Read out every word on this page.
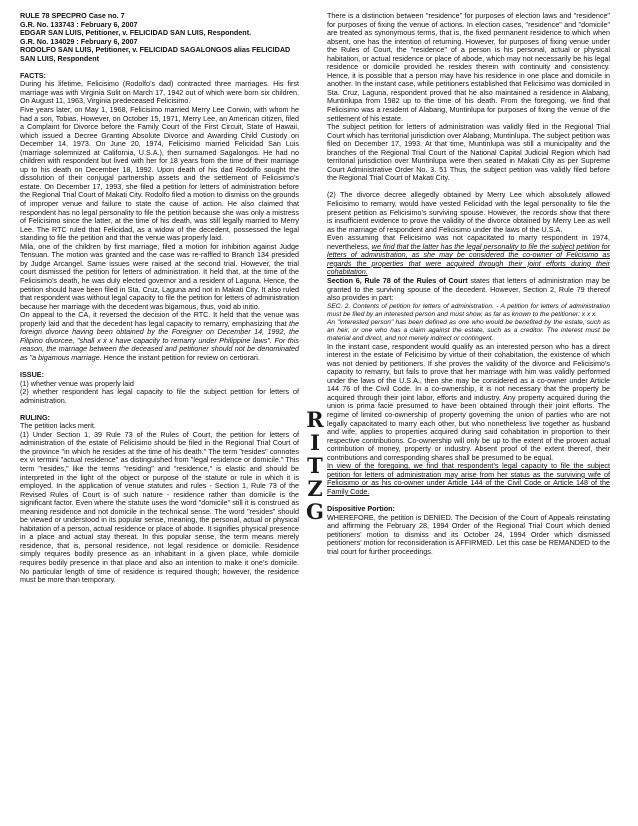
RULE 78 SPECPRO Case no. 7

G.R. No. 133743 : February 6, 2007

EDGAR SAN LUIS, Petitioner, v. FELICIDAD SAN LUIS, Respondent.

G.R. No. 134029 : February 6, 2007

RODOLFO SAN LUIS, Petitioner, v. FELICIDAD SAGALONGOS alias FELICIDAD SAN LUIS, Respondent

FACTS:

During his lifetime, Felicisimo (Rodolfo’s dad) contracted three marriages. His first marriage was with Virginia Sulit on March 17, 1942 out of which were born six children. On August 11, 1963, Virginia predeceased Felicisimo.

Five years later, on May 1, 1968, Felicisimo married Merry Lee Corwin, with whom he had a son, Tobias. However, on October 15, 1971, Merry Lee, an American citizen, filed a Complaint for Divorce before the Family Court of the First Circuit, State of Hawaii, which issued a Decree Granting Absolute Divorce and Awarding Child Custody on December 14, 1973. On June 20, 1974, Felicisimo married Felicidad San Luis (marriage solemnized at California, U.S.A.), then surnamed Sagalongos. He had no children with respondent but lived with her for 18 years from the time of their marriage up to his death on December 18, 1992. Upon death of his dad Rodolfo sought the dissolution of their conjugal partnership assets and the settlement of Felicisimo’s estate. On December 17, 1993, she filed a petition for letters of administration before the Regional Trial Court of Makati City. Rodolfo filed a motion to dismiss on the grounds of improper venue and failure to state the cause of action. He also claimed that respondent has no legal personality to file the petition because she was only a mistress of Felicisimo since the latter, at the time of his death, was still legally married to Merry Lee. The RTC ruled that Felicidad, as a widow of the decedent, possessed the legal standing to file the petition and that the venue was properly laid.

Mila, one of the children by first marriage, filed a motion for inhibition against Judge Tensuan. The motion was granted and the case was re-raffled to Branch 134 presided by Judge Arcangel. Same issues were raised at the second trial. However, the trial court dismissed the petition for letters of administration. It held that, at the time of the Felicisimo’s death, he was duly elected governor and a resident of Laguna. Hence, the petition should have been filed in Sta. Cruz, Laguna and not in Makati City. It also ruled that respondent was without legal capacity to file the petition for letters of administration because her marriage with the decedent was bigamous, thus, void ab initio.

On appeal to the CA, it reversed the decision of the RTC. It held that the venue was properly laid and that the decedent has legal capacity to remarry, emphasizing that the foreign divorce having been obtained by the Foreigner on December 14, 1992, the Filipino divorcee, "shall x x x have capacity to remarry under Philippine laws". For this reason, the marriage between the deceased and petitioner should not be denominated as "a bigamous marriage. Hence the instant petition for review on certiorari.

ISSUE:

(1) whether venue was properly laid

(2) whether respondent has legal capacity to file the subject petition for letters of administration.

RULING:

The petition lacks merit.

(1) Under Section 1, 39 Rule 73 of the Rules of Court, the petition for letters of administration of the estate of Felicisimo should be filed in the Regional Trial Court of the province "in which he resides at the time of his death." The term "resides" connotes ex vi termini "actual residence" as distinguished from "legal residence or domicile." This term "resides," like the terms "residing" and "residence," is elastic and should be interpreted in the light of the object or purpose of the statute or rule in which it is employed. In the application of venue statutes and rules - Section 1, Rule 73 of the Revised Rules of Court is of such nature - residence rather than domicile is the significant factor. Even where the statute uses the word "domicile" still it is construed as meaning residence and not domicile in the technical sense. The word "resides" should be viewed or understood in its popular sense, meaning, the personal, actual or physical habitation of a person, actual residence or place of abode. It signifies physical presence in a place and actual stay thereat. In this popular sense, the term means merely residence, that is, personal residence, not legal residence or domicile. Residence simply requires bodily presence as an inhabitant in a given place, while domicile requires bodily presence in that place and also an intention to make it one’s domicile. No particular length of time of residence is required though; however, the residence must be more than temporary.

R
I
T
Z
G

There is a distinction between "residence" for purposes of election laws and "residence" for purposes of fixing the venue of actions. In election cases, "residence" and "domicile" are treated as synonymous terms, that is, the fixed permanent residence to which when absent, one has the intention of returning. However, for purposes of fixing venue under the Rules of Court, the "residence" of a person is his personal, actual or physical habitation, or actual residence or place of abode, which may not necessarily be his legal residence or domicile provided he resides therein with continuity and consistency. Hence, it is possible that a person may have his residence in one place and domicile in another. In the instant case, while petitioners established that Felicisimo was domiciled in Sta. Cruz, Laguna, respondent proved that he also maintained a residence in Alabang, Muntinlupa from 1982 up to the time of his death. From the foregoing, we find that Felicisimo was a resident of Alabang, Muntinlupa for purposes of fixing the venue of the settlement of his estate.

The subject petition for letters of administration was validly filed in the Regional Trial Court which has territorial jurisdiction over Alabang, Muntinlupa. The subject petition was filed on December 17, 1993. At that time, Muntinlupa was still a municipality and the branches of the Regional Trial Court of the National Capital Judicial Region which had territorial jurisdiction over Muntinlupa were then seated in Makati City as per Supreme Court Administrative Order No. 3. 51 Thus, the subject petition was validly filed before the Regional Trial Court of Makati City.

(2) The divorce decree allegedly obtained by Merry Lee which absolutely allowed Felicisimo to remarry, would have vested Felicidad with the legal personality to file the present petition as Felicisimo’s surviving spouse. However, the records show that there is insufficient evidence to prove the validity of the divorce obtained by Merry Lee as well as the marriage of respondent and Felicisimo under the laws of the U.S.A.

Even assuming that Felicisimo was not capacitated to marry respondent in 1974, nevertheless, we find that the latter has the legal personality to file the subject petition for letters of administration, as she may be considered the co-owner of Felicisimo as regards the properties that were acquired through their joint efforts during their cohabitation.

Section 6, Rule 78 of the Rules of Court states that letters of administration may be granted to the surviving spouse of the decedent. However, Section 2, Rule 79 thereof also provides in part:

SEC. 2. Contents of petition for letters of administration. - A petition for letters of administration must be filed by an interested person and must show, as far as known to the petitioner: x x x.

An "interested person" has been defined as one who would be benefited by the estate, such as an heir, or one who has a claim against the estate, such as a creditor. The interest must be material and direct, and not merely indirect or contingent.

In the instant case, respondent would qualify as an interested person who has a direct interest in the estate of Felicisimo by virtue of their cohabitation, the existence of which was not denied by petitioners. If she proves the validity of the divorce and Felicisimo’s capacity to remarry, but fails to prove that her marriage with him was validly performed under the laws of the U.S.A., then she may be considered as a co-owner under Article 144 76 of the Civil Code. In a co-ownership, it is not necessary that the property be acquired through their joint labor, efforts and industry. Any property acquired during the union is prima facie presumed to have been obtained through their joint efforts. The regime of limited co-ownership of property governing the union of parties who are not legally capacitated to marry each other, but who nonetheless live together as husband and wife, applies to properties acquired during said cohabitation in proportion to their respective contributions. Co-ownership will only be up to the extent of the proven actual contribution of money, property or industry. Absent proof of the extent thereof, their contributions and corresponding shares shall be presumed to be equal.

In view of the foregoing, we find that respondent’s legal capacity to file the subject petition for letters of administration may arise from her status as the surviving wife of Felicisimo or as his co-owner under Article 144 of the Civil Code or Article 148 of the Family Code.

Dispositive Portion:

WHEREFORE, the petition is DENIED. The Decision of the Court of Appeals reinstating and affirming the February 28, 1994 Order of the Regional Trial Court which denied petitioners’ motion to dismiss and its October 24, 1994 Order which dismissed petitioners’ motion for reconsideration is AFFIRMED. Let this case be REMANDED to the trial court for further proceedings.
